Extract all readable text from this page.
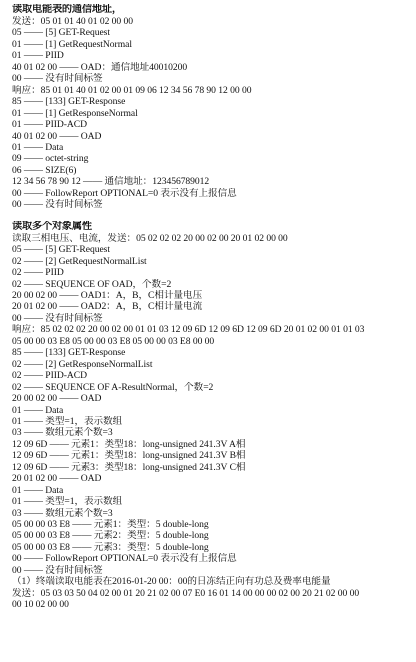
读取电能表的通信地址，
发送：05 01 01 40 01 02 00 00
05 —— [5] GET-Request
01 —— [1] GetRequestNormal
01 —— PIID
40 01 02 00 —— OAD：通信地址40010200
00 —— 没有时间标签
响应：85 01 01 40 01 02 00 01 09 06 12 34 56 78 90 12 00 00
85 —— [133] GET-Response
01 —— [1] GetResponseNormal
01 —— PIID-ACD
40 01 02 00 —— OAD
01 —— Data
09 —— octet-string
06 —— SIZE(6)
12 34 56 78 90 12 —— 通信地址：123456789012
00 —— FollowReport OPTIONAL=0 表示没有上报信息
00 —— 没有时间标签
读取多个对象属性
读取三相电压、电流，发送：05 02 02 02 20 00 02 00 20 01 02 00 00
05 —— [5] GET-Request
02 —— [2] GetRequestNormalList
02 —— PIID
02 —— SEQUENCE OF OAD，个数=2
20 00 02 00 —— OAD1：A，B，C相计量电压
20 01 02 00 —— OAD2：A，B，C相计量电流
00 —— 没有时间标签
响应：85 02 02 02 20 00 02 00 01 01 03 12 09 6D 12 09 6D 12 09 6D 20 01 02 00 01 01 03
05 00 00 03 E8 05 00 00 03 E8 05 00 00 03 E8 00 00
85 —— [133] GET-Response
02 —— [2] GetResponseNormalList
02 —— PIID-ACD
02 —— SEQUENCE OF A-ResultNormal，个数=2
20 00 02 00 —— OAD
01 —— Data
01 —— 类型=1，表示数组
03 —— 数组元素个数=3
12 09 6D —— 元素1：类型18：long-unsigned 241.3V A相
12 09 6D —— 元素1：类型18：long-unsigned 241.3V B相
12 09 6D —— 元素3：类型18：long-unsigned 241.3V C相
20 01 02 00 —— OAD
01 —— Data
01 —— 类型=1，表示数组
03 —— 数组元素个数=3
05 00 00 03 E8 —— 元素1：类型：5 double-long
05 00 00 03 E8 —— 元素2：类型：5 double-long
05 00 00 03 E8 —— 元素3：类型：5 double-long
00 —— FollowReport OPTIONAL=0 表示没有上报信息
00 —— 没有时间标签
（1）终端读取电能表在2016-01-20 00：00的日冻结正向有功总及费率电能量
发送：05 03 03 50 04 02 00 01 20 21 02 00 07 E0 16 01 14 00 00 00 02 00 20 21 02 00 00
00 10 02 00 00
